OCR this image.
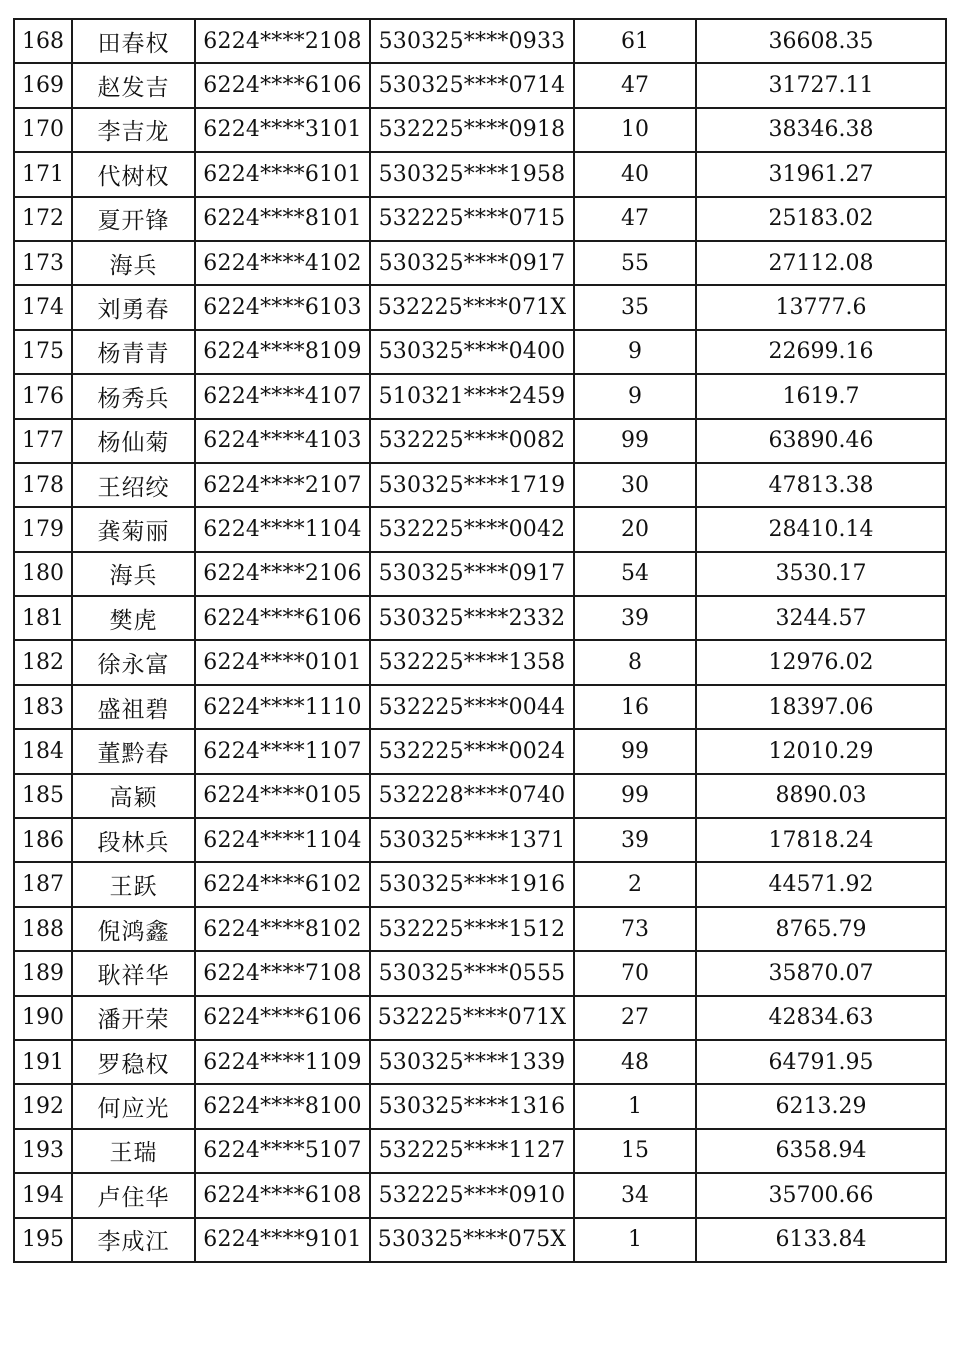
168	田春权	6224****2108	530325****0933	61	36608.35
169	赵发吉	6224****6106	530325****0714	47	31727.11
170	李吉龙	6224****3101	532225****0918	10	38346.38
171	代树权	6224****6101	530325****1958	40	31961.27
172	夏开锋	6224****8101	532225****0715	47	25183.02
173	海兵	6224****4102	530325****0917	55	27112.08
174	刘勇春	6224****6103	532225****071X	35	13777.6
175	杨青青	6224****8109	530325****0400	9	22699.16
176	杨秀兵	6224****4107	510321****2459	9	1619.7
177	杨仙菊	6224****4103	532225****0082	99	63890.46
178	王绍绞	6224****2107	530325****1719	30	47813.38
179	龚菊丽	6224****1104	532225****0042	20	28410.14
180	海兵	6224****2106	530325****0917	54	3530.17
181	樊虎	6224****6106	530325****2332	39	3244.57
182	徐永富	6224****0101	532225****1358	8	12976.02
183	盛祖碧	6224****1110	532225****0044	16	18397.06
184	董黔春	6224****1107	532225****0024	99	12010.29
185	高颖	6224****0105	532228****0740	99	8890.03
186	段林兵	6224****1104	530325****1371	39	17818.24
187	王跃	6224****6102	530325****1916	2	44571.92
188	倪鸿鑫	6224****8102	532225****1512	73	8765.79
189	耿祥华	6224****7108	530325****0555	70	35870.07
190	潘开荣	6224****6106	532225****071X	27	42834.63
191	罗稳权	6224****1109	530325****1339	48	64791.95
192	何应光	6224****8100	530325****1316	1	6213.29
193	王瑞	6224****5107	532225****1127	15	6358.94
194	卢住华	6224****6108	532225****0910	34	35700.66
195	李成江	6224****9101	530325****075X	1	6133.84
